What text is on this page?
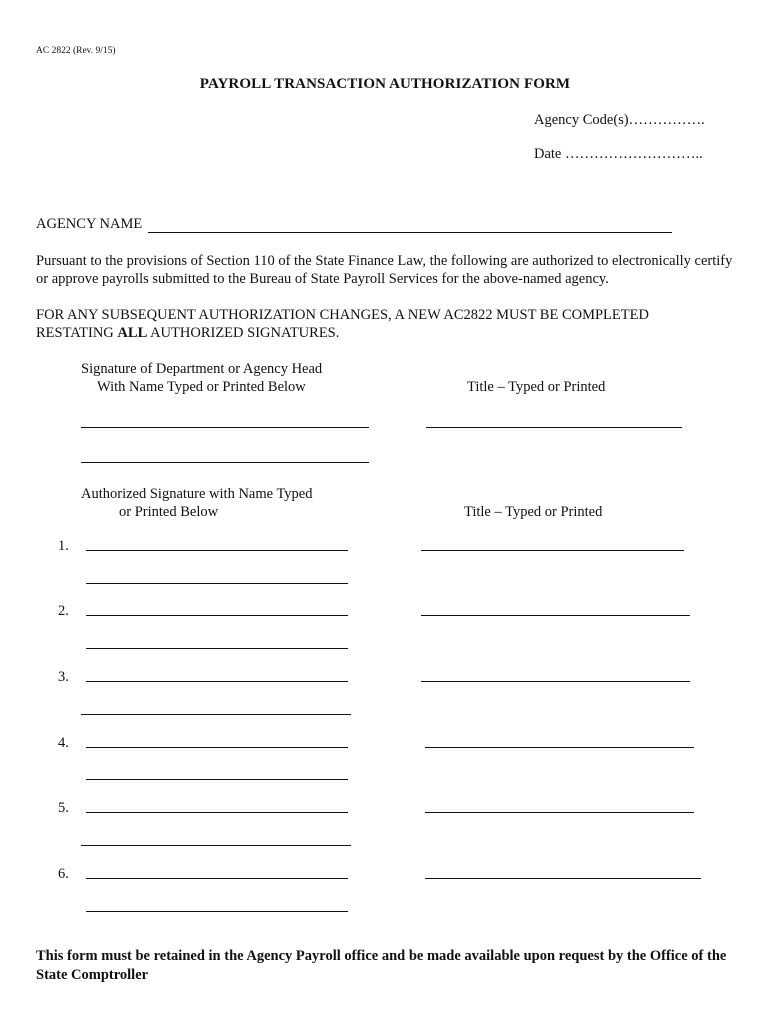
AC 2822 (Rev. 9/15)
PAYROLL TRANSACTION AUTHORIZATION FORM
Agency Code(s)…………….
Date ………………………..
AGENCY NAME
Pursuant to the provisions of Section 110 of the State Finance Law, the following are authorized to electronically certify or approve payrolls submitted to the Bureau of State Payroll Services for the above-named agency.
FOR ANY SUBSEQUENT AUTHORIZATION CHANGES, A NEW AC2822 MUST BE COMPLETED
RESTATING ALL AUTHORIZED SIGNATURES.
Signature of Department or Agency Head
With Name Typed or Printed Below	Title – Typed or Printed
Authorized Signature with Name Typed
or Printed Below	Title – Typed or Printed
1.
2.
3.
4.
5.
6.
This form must be retained in the Agency Payroll office and be made available upon request by the Office of the State Comptroller
